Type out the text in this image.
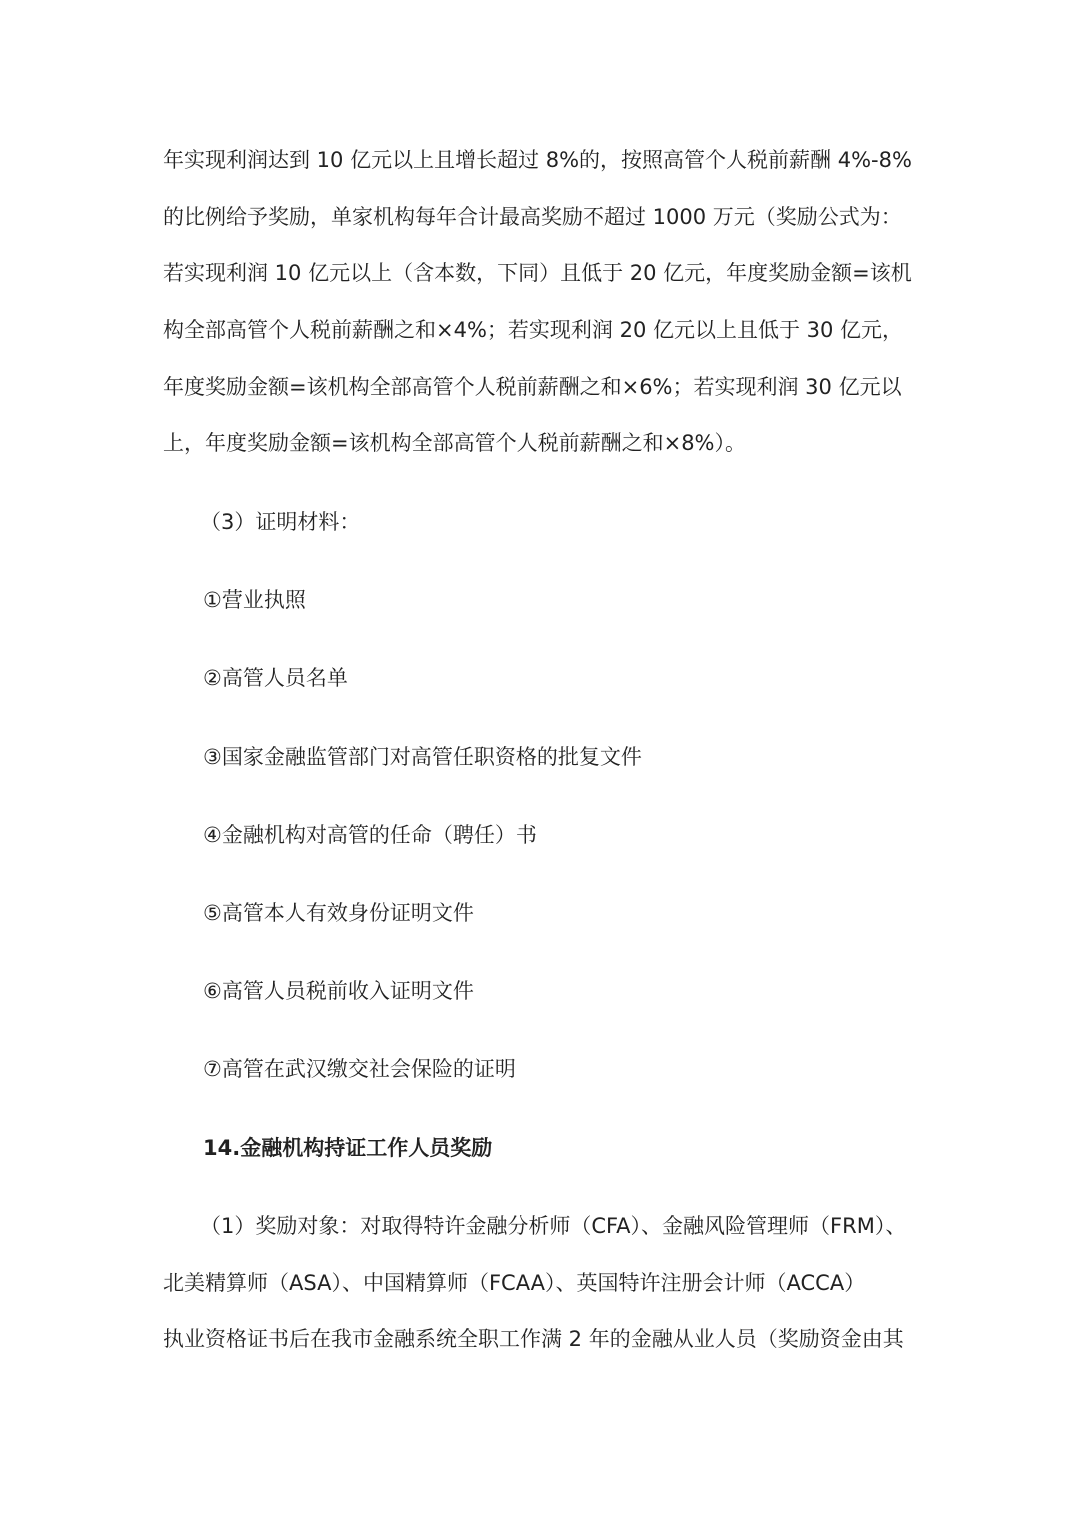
年实现利润达到 10 亿元以上且增长超过 8%的，按照高管个人税前薪酬 4%-8%
的比例给予奖励，单家机构每年合计最高奖励不超过 1000 万元（奖励公式为：
若实现利润 10 亿元以上（含本数，下同）且低于 20 亿元，年度奖励金额=该机
构全部高管个人税前薪酬之和×4%；若实现利润 20 亿元以上且低于 30 亿元，
年度奖励金额=该机构全部高管个人税前薪酬之和×6%；若实现利润 30 亿元以
上，年度奖励金额=该机构全部高管个人税前薪酬之和×8%）。
（3）证明材料：
①营业执照
②高管人员名单
③国家金融监管部门对高管任职资格的批复文件
④金融机构对高管的任命（聘任）书
⑤高管本人有效身份证明文件
⑥高管人员税前收入证明文件
⑦高管在武汉缴交社会保险的证明
14.金融机构持证工作人员奖励
（1）奖励对象：对取得特许金融分析师（CFA）、金融风险管理师（FRM）、
北美精算师（ASA）、中国精算师（FCAA）、英国特许注册会计师（ACCA）
执业资格证书后在我市金融系统全职工作满 2 年的金融从业人员（奖励资金由其
